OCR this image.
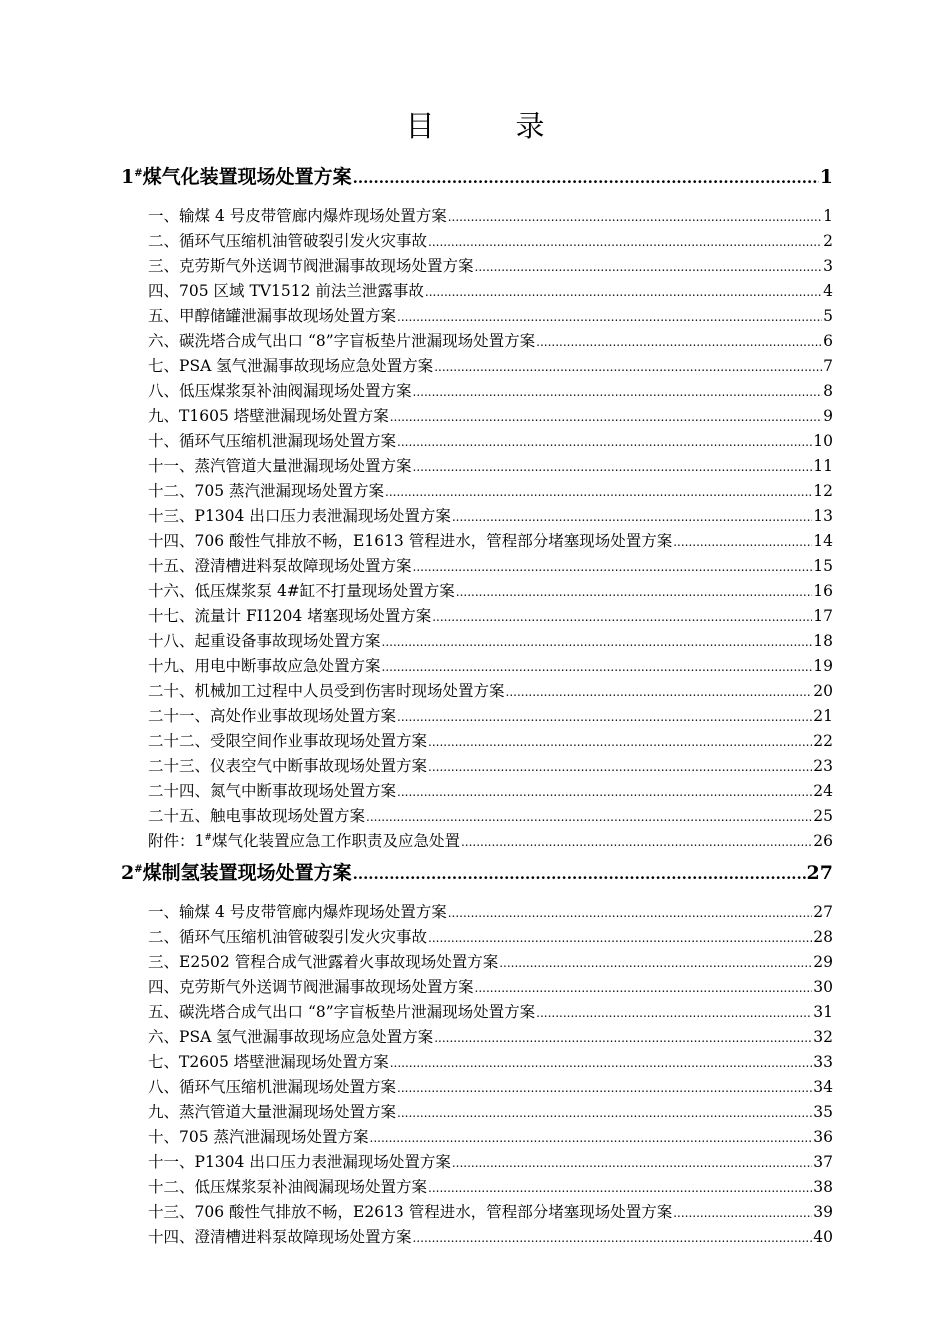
目　录
1#煤气化装置现场处置方案 .....	1
一、输煤 4 号皮带管廊内爆炸现场处置方案 .....	1
二、循环气压缩机油管破裂引发火灾事故 .....	2
三、克劳斯气外送调节阀泄漏事故现场处置方案 .....	3
四、705 区域 TV1512 前法兰泄露事故 .....	4
五、甲醇储罐泄漏事故现场处置方案 .....	5
六、碳洗塔合成气出口 “8”字盲板垫片泄漏现场处置方案 .....	6
七、PSA 氢气泄漏事故现场应急处置方案 .....	7
八、低压煤浆泵补油阀漏现场处置方案 .....	8
九、T1605 塔壁泄漏现场处置方案 .....	9
十、循环气压缩机泄漏现场处置方案 .....	10
十一、蒸汽管道大量泄漏现场处置方案 .....	11
十二、705 蒸汽泄漏现场处置方案 .....	12
十三、P1304 出口压力表泄漏现场处置方案 .....	13
十四、706 酸性气排放不畅，E1613 管程进水，管程部分堵塞现场处置方案 .....	14
十五、澄清槽进料泵故障现场处置方案 .....	15
十六、低压煤浆泵 4#缸不打量现场处置方案 .....	16
十七、流量计 FI1204 堵塞现场处置方案 .....	17
十八、起重设备事故现场处置方案 .....	18
十九、用电中断事故应急处置方案 .....	19
二十、机械加工过程中人员受到伤害时现场处置方案 .....	20
二十一、高处作业事故现场处置方案 .....	21
二十二、受限空间作业事故现场处置方案 .....	22
二十三、仪表空气中断事故现场处置方案 .....	23
二十四、氮气中断事故现场处置方案 .....	24
二十五、触电事故现场处置方案 .....	25
附件：1#煤气化装置应急工作职责及应急处置 .....	26
2#煤制氢装置现场处置方案 .....	27
一、输煤 4 号皮带管廊内爆炸现场处置方案 .....	27
二、循环气压缩机油管破裂引发火灾事故 .....	28
三、E2502 管程合成气泄露着火事故现场处置方案 .....	29
四、克劳斯气外送调节阀泄漏事故现场处置方案 .....	30
五、碳洗塔合成气出口 “8”字盲板垫片泄漏现场处置方案 .....	31
六、PSA 氢气泄漏事故现场应急处置方案 .....	32
七、T2605 塔壁泄漏现场处置方案 .....	33
八、循环气压缩机泄漏现场处置方案 .....	34
九、蒸汽管道大量泄漏现场处置方案 .....	35
十、705 蒸汽泄漏现场处置方案 .....	36
十一、P1304 出口压力表泄漏现场处置方案 .....	37
十二、低压煤浆泵补油阀漏现场处置方案 .....	38
十三、706 酸性气排放不畅，E2613 管程进水，管程部分堵塞现场处置方案 .....	39
十四、澄清槽进料泵故障现场处置方案 .....	40
